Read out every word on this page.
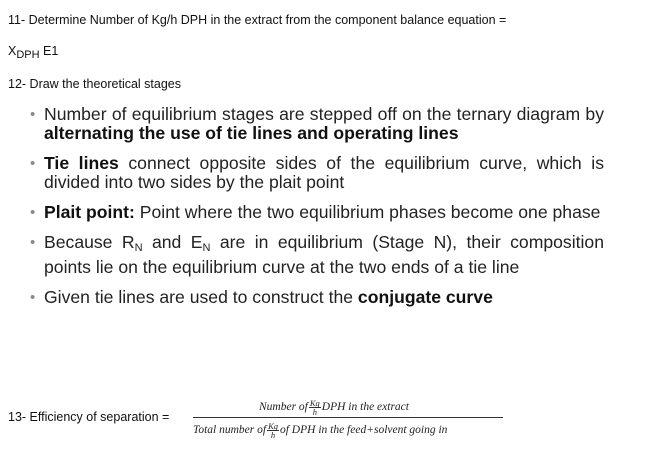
11- Determine Number of Kg/h DPH in the extract from the component balance equation =
$X_{DPH}$ E1
12- Draw the theoretical stages
• Number of equilibrium stages are stepped off on the ternary diagram by alternating the use of tie lines and operating lines
• Tie lines connect opposite sides of the equilibrium curve, which is divided into two sides by the plait point
• Plait point: Point where the two equilibrium phases become one phase
• Because $R_N$ and $E_N$ are in equilibrium (Stage N), their composition points lie on the equilibrium curve at the two ends of a tie line
• Given tie lines are used to construct the conjugate curve
13- Efficiency of separation =
Number of $\frac{Kg}{h}$ DPH in the extract
Total number of $\frac{Kg}{h}$ of DPH in the feed+solvent going in
